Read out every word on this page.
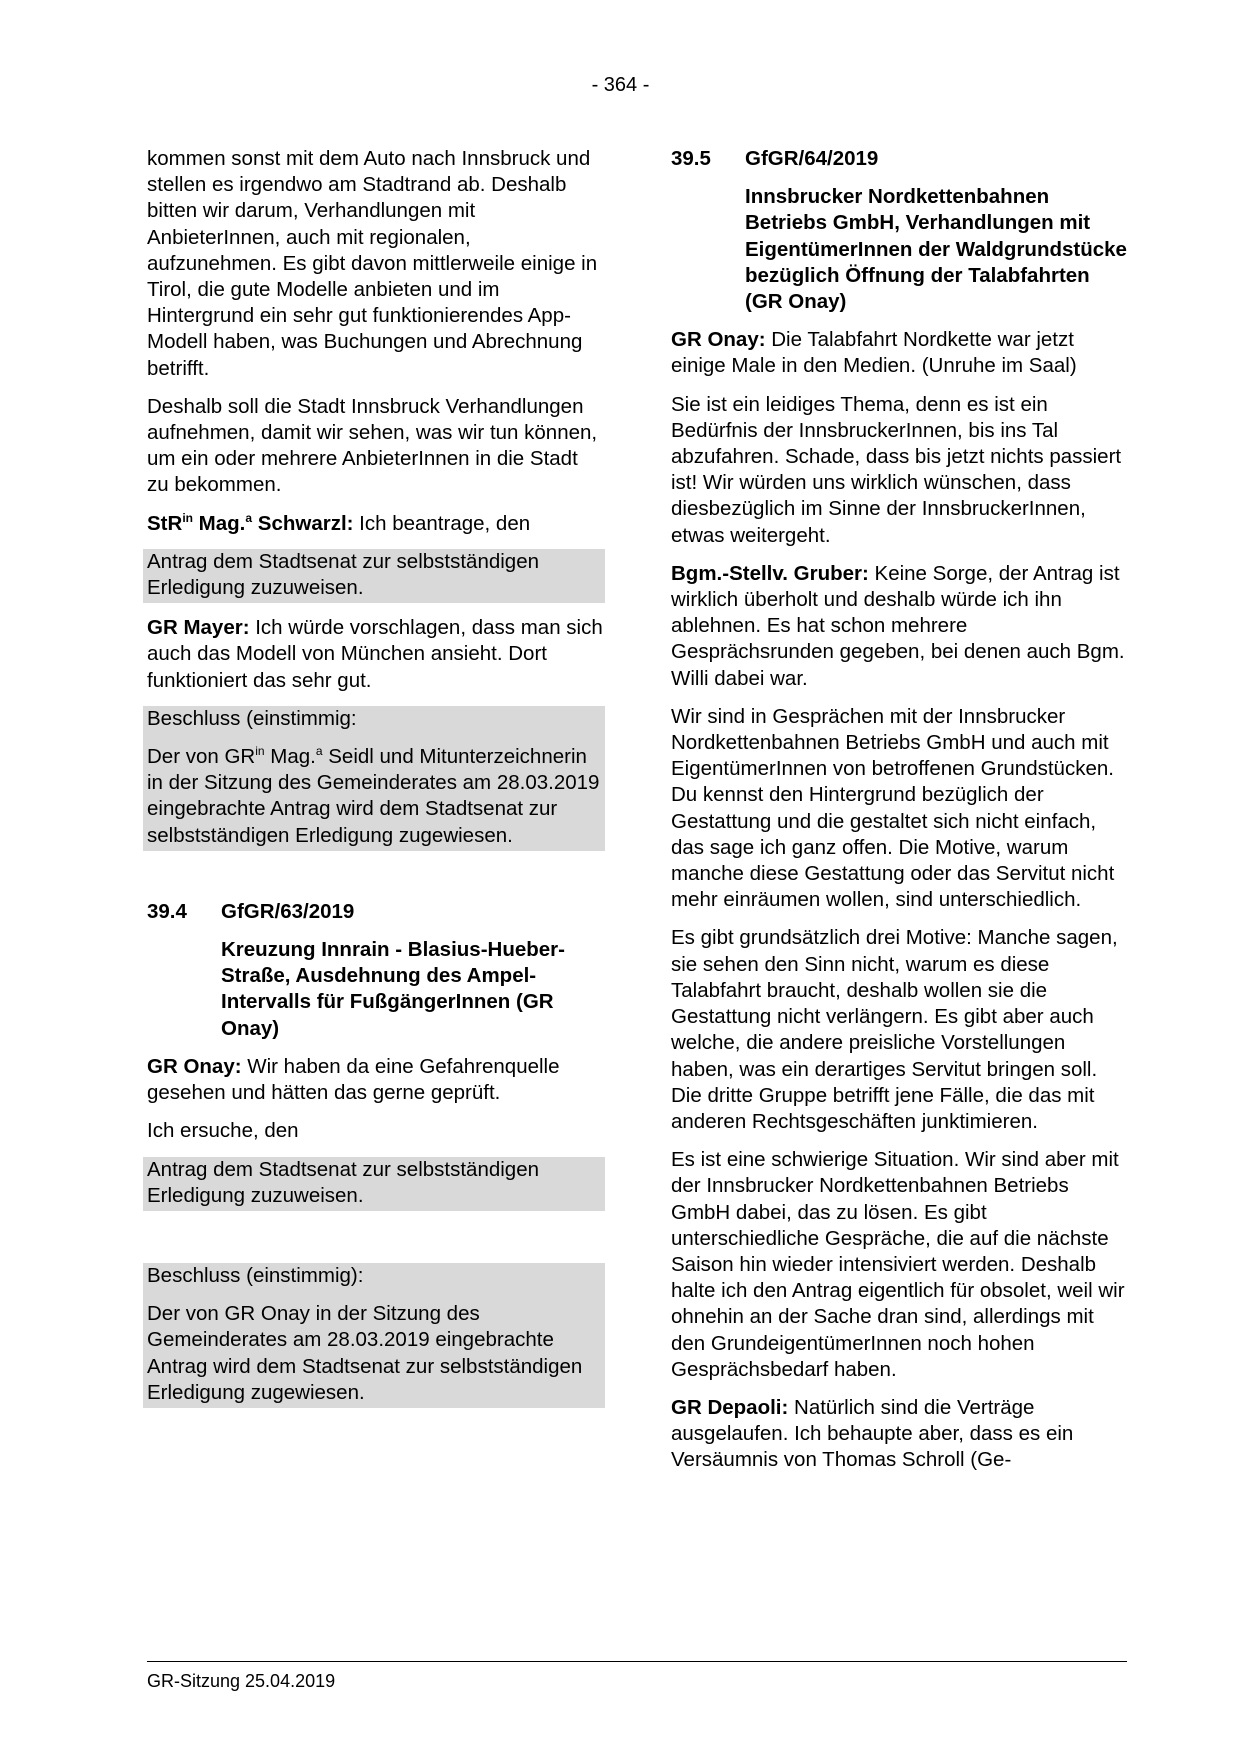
- 364 -

kommen sonst mit dem Auto nach Innsbruck und stellen es irgendwo am Stadtrand ab. Deshalb bitten wir darum, Verhandlungen mit AnbieterInnen, auch mit regionalen, aufzunehmen. Es gibt davon mittlerweile einige in Tirol, die gute Modelle anbieten und im Hintergrund ein sehr gut funktionierendes App-Modell haben, was Buchungen und Abrechnung betrifft.

Deshalb soll die Stadt Innsbruck Verhandlungen aufnehmen, damit wir sehen, was wir tun können, um ein oder mehrere AnbieterInnen in die Stadt zu bekommen.

StR$^{in}$ Mag.$^a$ Schwarzl: Ich beantrage, den

Antrag dem Stadtsenat zur selbstständigen Erledigung zuzuweisen.

GR Mayer: Ich würde vorschlagen, dass man sich auch das Modell von München ansieht. Dort funktioniert das sehr gut.

Beschluss (einstimmig:

Der von $GR^{in}$ Mag.$^a$ Seidl und Mitunterzeichnerin in der Sitzung des Gemeinderates am 28.03.2019 eingebrachte Antrag wird dem Stadtsenat zur selbstständigen Erledigung zugewiesen.

39.4	GfGR/63/2019

Kreuzung Innrain - Blasius-Hueber-Straße, Ausdehnung des Ampel-Intervalls für FußgängerInnen (GR Onay)

GR Onay: Wir haben da eine Gefahrenquelle gesehen und hätten das gerne geprüft.

Ich ersuche, den

Antrag dem Stadtsenat zur selbstständigen Erledigung zuzuweisen.

Beschluss (einstimmig):

Der von GR Onay in der Sitzung des Gemeinderates am 28.03.2019 eingebrachte Antrag wird dem Stadtsenat zur selbstständigen Erledigung zugewiesen.

39.5	GfGR/64/2019

Innsbrucker Nordkettenbahnen Betriebs GmbH, Verhandlungen mit EigentümerInnen der Waldgrundstücke bezüglich Öffnung der Talabfahrten (GR Onay)

GR Onay: Die Talabfahrt Nordkette war jetzt einige Male in den Medien. (Unruhe im Saal)

Sie ist ein leidiges Thema, denn es ist ein Bedürfnis der InnsbruckerInnen, bis ins Tal abzufahren. Schade, dass bis jetzt nichts passiert ist! Wir würden uns wirklich wünschen, dass diesbezüglich im Sinne der InnsbruckerInnen, etwas weitergeht.

Bgm.-Stellv. Gruber: Keine Sorge, der Antrag ist wirklich überholt und deshalb würde ich ihn ablehnen. Es hat schon mehrere Gesprächsrunden gegeben, bei denen auch Bgm. Willi dabei war.

Wir sind in Gesprächen mit der Innsbrucker Nordkettenbahnen Betriebs GmbH und auch mit EigentümerInnen von betroffenen Grundstücken. Du kennst den Hintergrund bezüglich der Gestattung und die gestaltet sich nicht einfach, das sage ich ganz offen. Die Motive, warum manche diese Gestattung oder das Servitut nicht mehr einräumen wollen, sind unterschiedlich.

Es gibt grundsätzlich drei Motive: Manche sagen, sie sehen den Sinn nicht, warum es diese Talabfahrt braucht, deshalb wollen sie die Gestattung nicht verlängern. Es gibt aber auch welche, die andere preisliche Vorstellungen haben, was ein derartiges Servitut bringen soll. Die dritte Gruppe betrifft jene Fälle, die das mit anderen Rechtsgeschäften junktimieren.

Es ist eine schwierige Situation. Wir sind aber mit der Innsbrucker Nordkettenbahnen Betriebs GmbH dabei, das zu lösen. Es gibt unterschiedliche Gespräche, die auf die nächste Saison hin wieder intensiviert werden. Deshalb halte ich den Antrag eigentlich für obsolet, weil wir ohnehin an der Sache dran sind, allerdings mit den GrundeigentümerInnen noch hohen Gesprächsbedarf haben.

GR Depaoli: Natürlich sind die Verträge ausgelaufen. Ich behaupte aber, dass es ein Versäumnis von Thomas Schroll (Ge-

GR-Sitzung 25.04.2019
